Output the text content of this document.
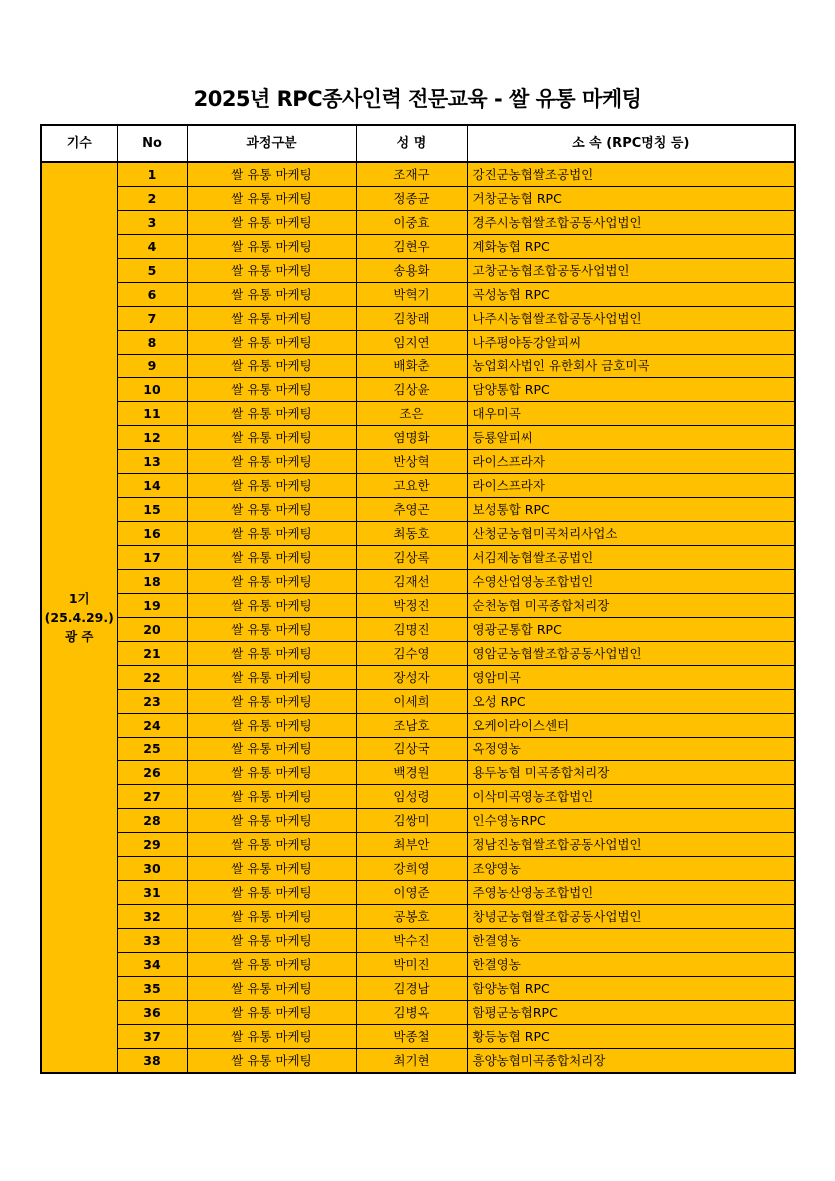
2025년 RPC종사인력 전문교육 - 쌀 유통 마케팅
기수	No	과정구분	성 명	소 속 (RPC명칭 등)

1기
(25.4.29.)
광 주	1	쌀 유통 마케팅	조재구	강진군농협쌀조공법인
	2	쌀 유통 마케팅	정종균	거창군농협 RPC
	3	쌀 유통 마케팅	이중효	경주시농협쌀조합공동사업법인
	4	쌀 유통 마케팅	김현우	계화농협 RPC
	5	쌀 유통 마케팅	송용화	고창군농협조합공동사업법인
	6	쌀 유통 마케팅	박혁기	곡성농협 RPC
	7	쌀 유통 마케팅	김창래	나주시농협쌀조합공동사업법인
	8	쌀 유통 마케팅	임지연	나주평야동강알피씨
	9	쌀 유통 마케팅	배화춘	농업회사법인 유한회사 금호미곡
	10	쌀 유통 마케팅	김상윤	담양통합 RPC
	11	쌀 유통 마케팅	조은	대우미곡
	12	쌀 유통 마케팅	염명화	등룡알피씨
	13	쌀 유통 마케팅	반상혁	라이스프라자
	14	쌀 유통 마케팅	고요한	라이스프라자
	15	쌀 유통 마케팅	추영곤	보성통합 RPC
	16	쌀 유통 마케팅	최동호	산청군농협미곡처리사업소
	17	쌀 유통 마케팅	김상록	서김제농협쌀조공법인
	18	쌀 유통 마케팅	김재선	수영산업영농조합법인
	19	쌀 유통 마케팅	박정진	순천농협 미곡종합처리장
	20	쌀 유통 마케팅	김명진	영광군통합 RPC
	21	쌀 유통 마케팅	김수영	영암군농협쌀조합공동사업법인
	22	쌀 유통 마케팅	장성자	영암미곡
	23	쌀 유통 마케팅	이세희	오성 RPC
	24	쌀 유통 마케팅	조남호	오케이라이스센터
	25	쌀 유통 마케팅	김상국	옥정영농
	26	쌀 유통 마케팅	백경원	용두농협 미곡종합처리장
	27	쌀 유통 마케팅	임성령	이삭미곡영농조합법인
	28	쌀 유통 마케팅	김쌍미	인수영농RPC
	29	쌀 유통 마케팅	최부안	정남진농협쌀조합공동사업법인
	30	쌀 유통 마케팅	강희영	조양영농
	31	쌀 유통 마케팅	이영준	주영농산영농조합법인
	32	쌀 유통 마케팅	공봉호	창녕군농협쌀조합공동사업법인
	33	쌀 유통 마케팅	박수진	한결영농
	34	쌀 유통 마케팅	박미진	한결영농
	35	쌀 유통 마케팅	김경남	함양농협 RPC
	36	쌀 유통 마케팅	김병옥	함평군농협RPC
	37	쌀 유통 마케팅	박종철	황등농협 RPC
	38	쌀 유통 마케팅	최기현	흥양농협미곡종합처리장
